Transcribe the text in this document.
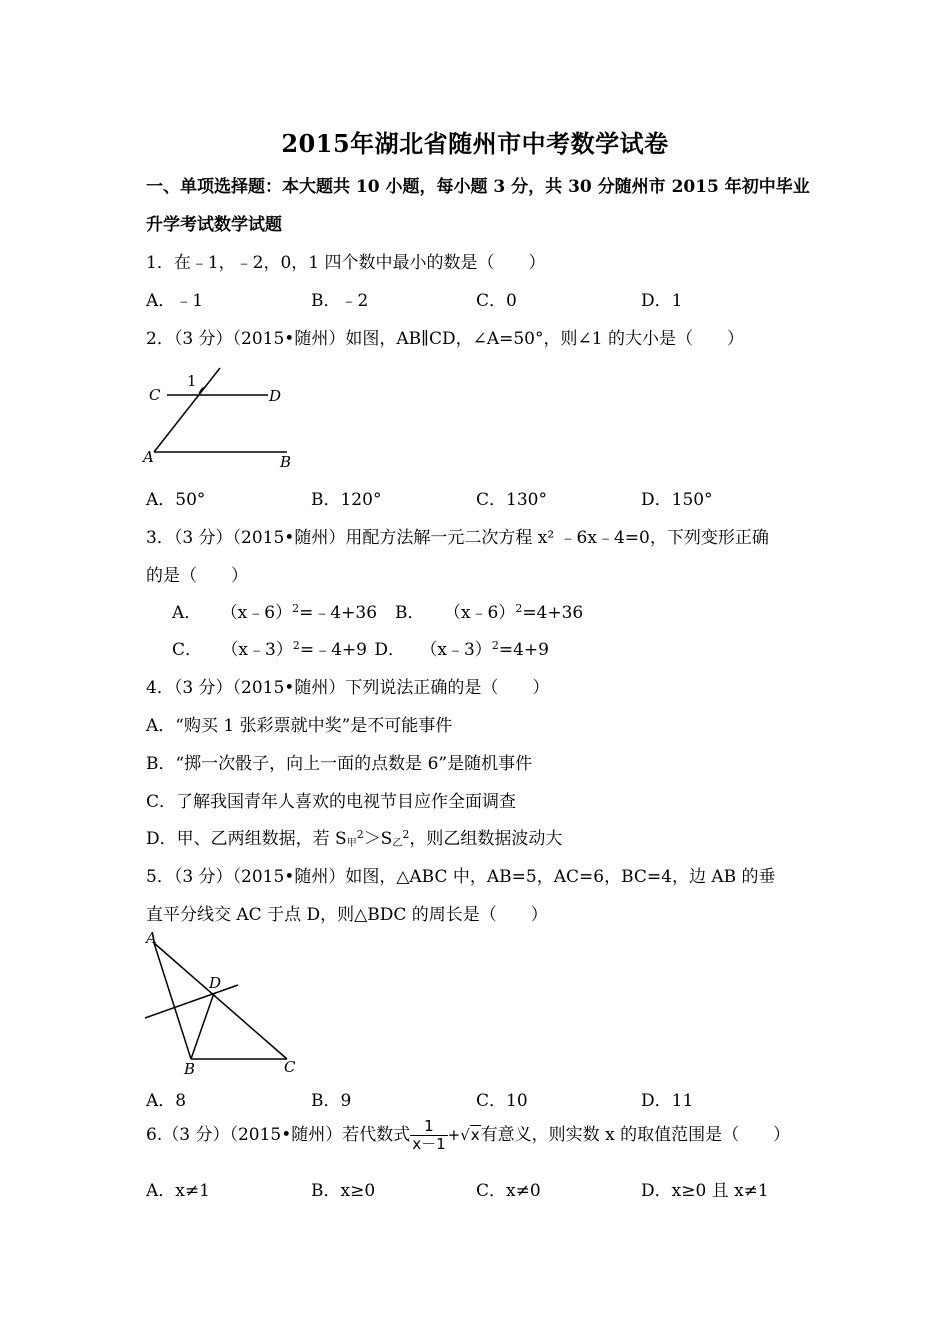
2015年湖北省随州市中考数学试卷
一、单项选择题：本大题共 10 小题，每小题 3 分，共 30 分随州市 2015 年初中毕业升学考试数学试题
1．在﹣1，﹣2，0，1 四个数中最小的数是（　　）
A．﹣1	B．﹣2	C．0	D．1
2．（3 分）（2015•随州）如图，AB∥CD，∠A=50°，则∠1 的大小是（　　）
C	D
A	B
1
A．50°	B．120°	C．130°	D．150°
3．（3 分）（2015•随州）用配方法解一元二次方程 x² ﹣6x﹣4=0，下列变形正确
的是（　　）
A． （x﹣6）$^2$=﹣4+36 B． （x﹣6）$^2$=4+36
C． （x﹣3）$^2$=﹣4+9 D． （x﹣3）$^2$=4+9
4．（3 分）（2015•随州）下列说法正确的是（　　）
A．“购买 1 张彩票就中奖”是不可能事件
B．“掷一次骰子，向上一面的点数是 6”是随机事件
C．了解我国青年人喜欢的电视节目应作全面调查
D．甲、乙两组数据，若 $S_甲^2>S_乙^2$，则乙组数据波动大
5．（3 分）（2015•随州）如图，△ABC 中，AB=5，AC=6，BC=4，边 AB 的垂
直平分线交 AC 于点 D，则△BDC 的周长是（　　）
A
B	C
D
A．8	B．9	C．10	D．11
6.（3 分）（2015•随州）若代数式 $\frac{1}{x-1} +√x$有意义，则实数 x 的取值范围是（　　）
A．x≠1	B．x≥0	C．x≠0	D．x≥0 且 x≠1
